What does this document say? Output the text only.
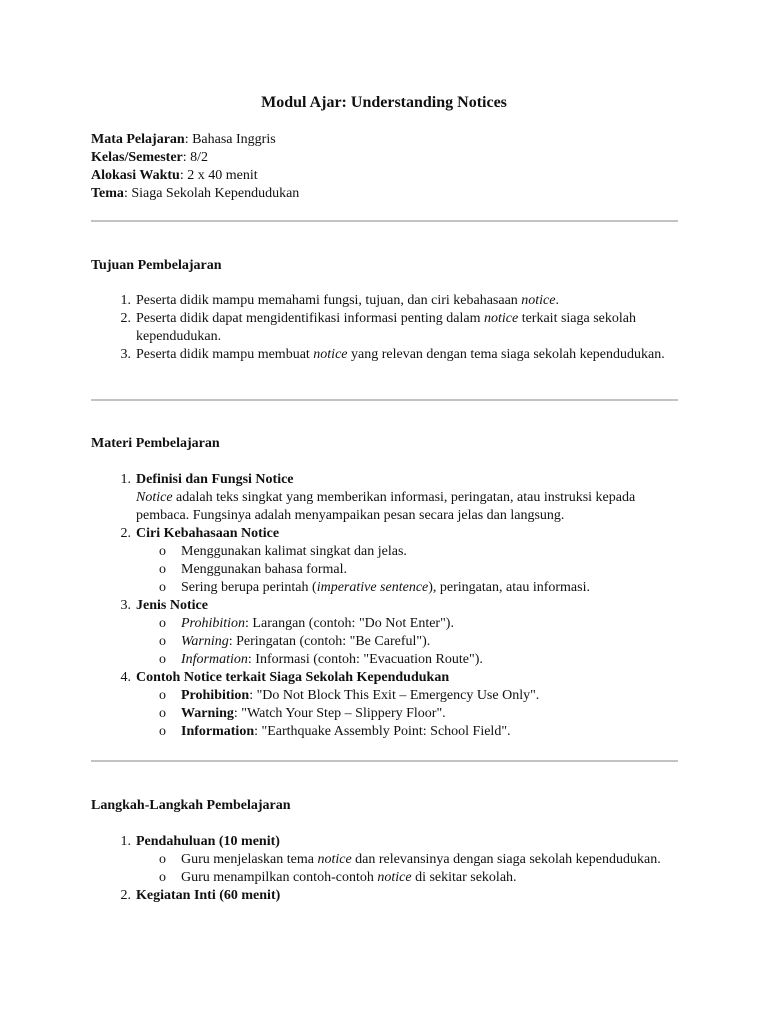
Modul Ajar: Understanding Notices
Mata Pelajaran: Bahasa Inggris
Kelas/Semester: 8/2
Alokasi Waktu: 2 x 40 menit
Tema: Siaga Sekolah Kependudukan
Tujuan Pembelajaran
1. Peserta didik mampu memahami fungsi, tujuan, dan ciri kebahasaan notice.
2. Peserta didik dapat mengidentifikasi informasi penting dalam notice terkait siaga sekolah kependudukan.
3. Peserta didik mampu membuat notice yang relevan dengan tema siaga sekolah kependudukan.
Materi Pembelajaran
1. Definisi dan Fungsi Notice
Notice adalah teks singkat yang memberikan informasi, peringatan, atau instruksi kepada pembaca. Fungsinya adalah menyampaikan pesan secara jelas dan langsung.
2. Ciri Kebahasaan Notice
o Menggunakan kalimat singkat dan jelas.
o Menggunakan bahasa formal.
o Sering berupa perintah (imperative sentence), peringatan, atau informasi.
3. Jenis Notice
o Prohibition: Larangan (contoh: "Do Not Enter").
o Warning: Peringatan (contoh: "Be Careful").
o Information: Informasi (contoh: "Evacuation Route").
4. Contoh Notice terkait Siaga Sekolah Kependudukan
o Prohibition: "Do Not Block This Exit – Emergency Use Only".
o Warning: "Watch Your Step – Slippery Floor".
o Information: "Earthquake Assembly Point: School Field".
Langkah-Langkah Pembelajaran
1. Pendahuluan (10 menit)
o Guru menjelaskan tema notice dan relevansinya dengan siaga sekolah kependudukan.
o Guru menampilkan contoh-contoh notice di sekitar sekolah.
2. Kegiatan Inti (60 menit)
